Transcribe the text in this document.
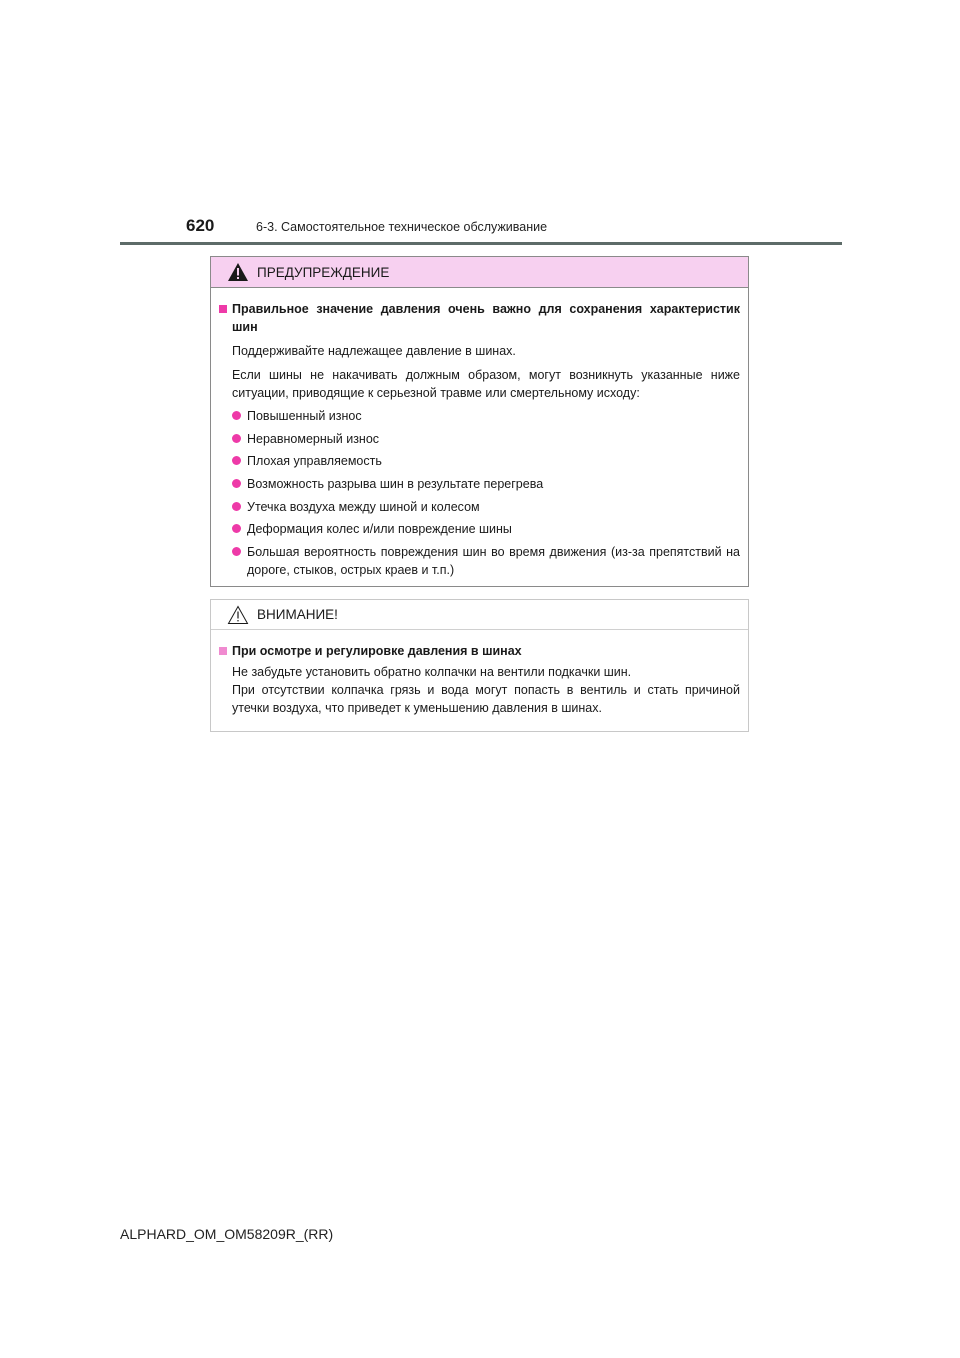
620	6-3. Самостоятельное техническое обслуживание
ПРЕДУПРЕЖДЕНИЕ
Правильное значение давления очень важно для сохранения характеристик шин
Поддерживайте надлежащее давление в шинах.
Если шины не накачивать должным образом, могут возникнуть указанные ниже ситуации, приводящие к серьезной травме или смертельному исходу:
Повышенный износ
Неравномерный износ
Плохая управляемость
Возможность разрыва шин в результате перегрева
Утечка воздуха между шиной и колесом
Деформация колес и/или повреждение шины
Большая вероятность повреждения шин во время движения (из-за препятствий на дороге, стыков, острых краев и т.п.)
ВНИМАНИЕ!
При осмотре и регулировке давления в шинах
Не забудьте установить обратно колпачки на вентили подкачки шин.
При отсутствии колпачка грязь и вода могут попасть в вентиль и стать причиной утечки воздуха, что приведет к уменьшению давления в шинах.
ALPHARD_OM_OM58209R_(RR)
